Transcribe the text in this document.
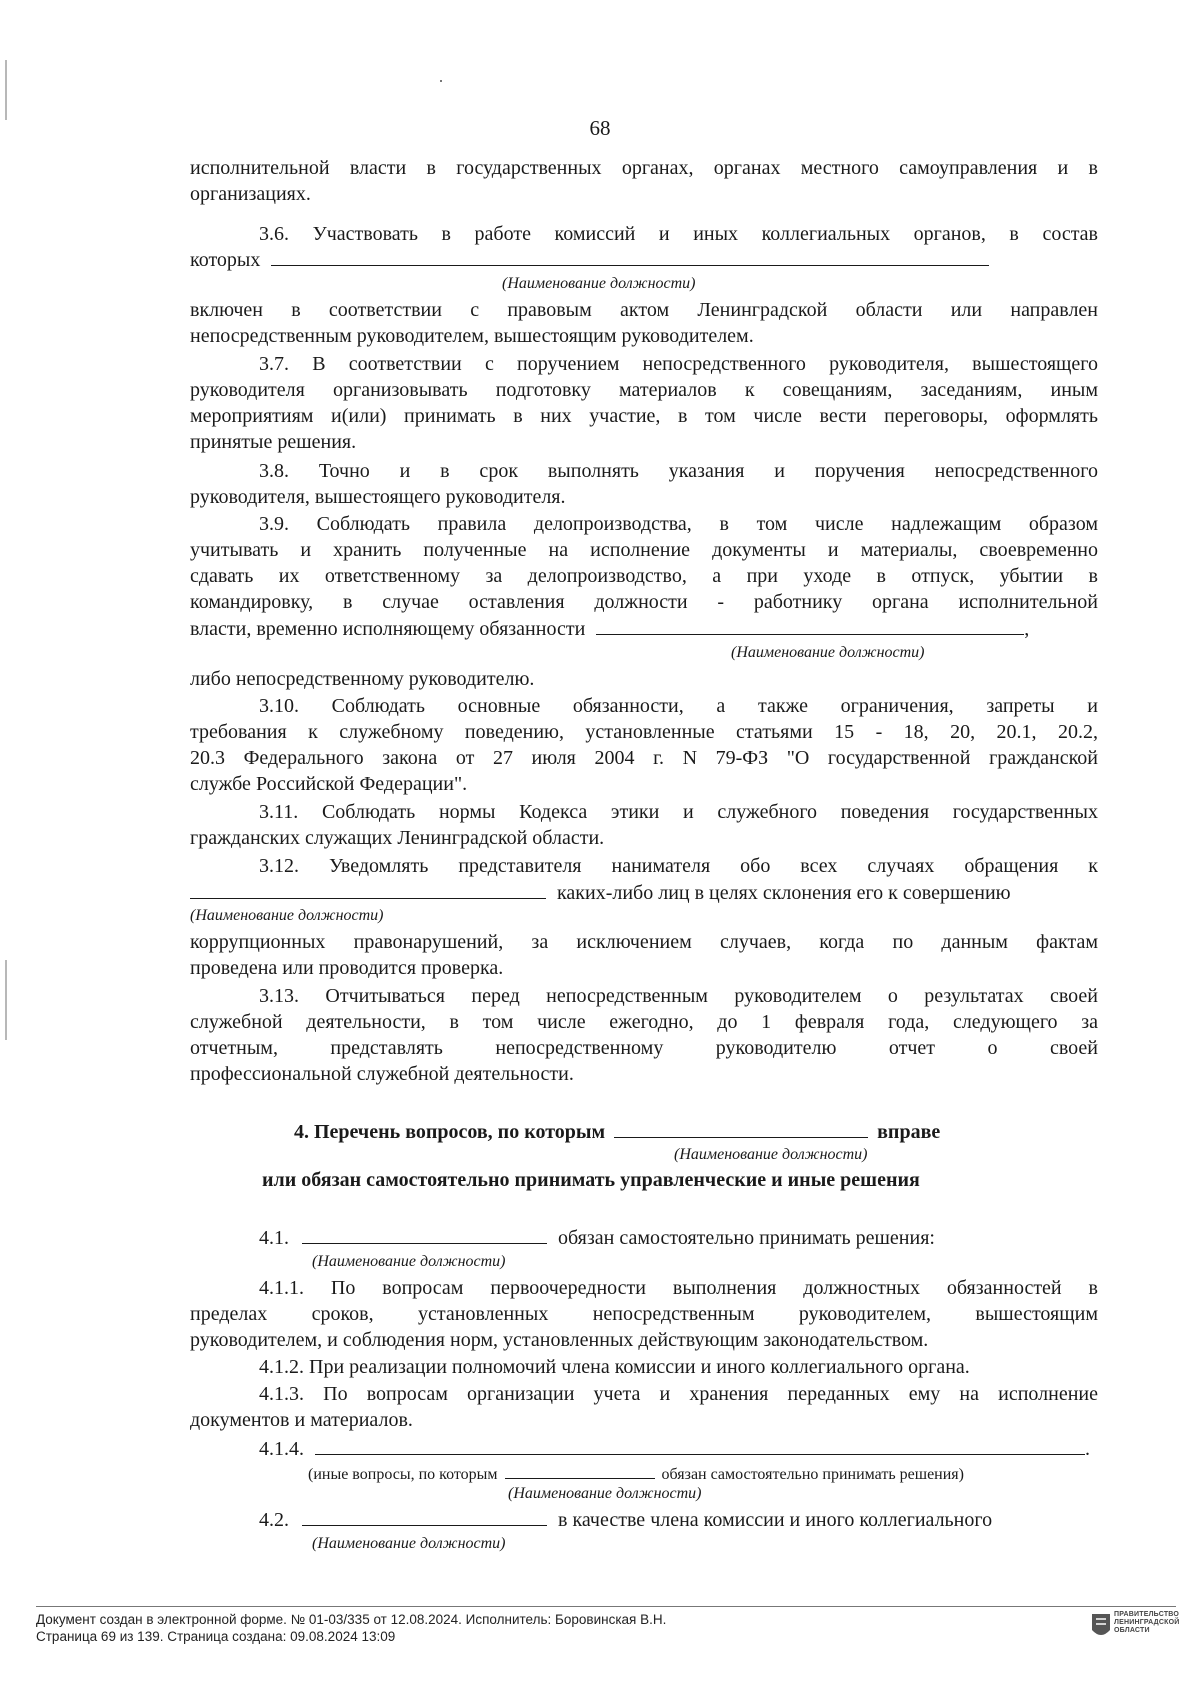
68
исполнительной власти в государственных органах, органах местного самоуправления и в
организациях.
3.6. Участвовать в работе комиссий и иных коллегиальных органов, в состав
которых
(Наименование должности)
включен в соответствии с правовым актом Ленинградской области или направлен
непосредственным руководителем, вышестоящим руководителем.
3.7. В соответствии с поручением непосредственного руководителя, вышестоящего
руководителя организовывать подготовку материалов к совещаниям, заседаниям, иным
мероприятиям и(или) принимать в них участие, в том числе вести переговоры, оформлять
принятые решения.
3.8. Точно и в срок выполнять указания и поручения непосредственного
руководителя, вышестоящего руководителя.
3.9. Соблюдать правила делопроизводства, в том числе надлежащим образом
учитывать и хранить полученные на исполнение документы и материалы, своевременно
сдавать их ответственному за делопроизводство, а при уходе в отпуск, убытии в
командировку, в случае оставления должности - работнику органа исполнительной
власти, временно исполняющему обязанности	,
(Наименование должности)
либо непосредственному руководителю.
3.10. Соблюдать основные обязанности, а также ограничения, запреты и
требования к служебному поведению, установленные статьями 15 - 18, 20, 20.1, 20.2,
20.3 Федерального закона от 27 июля 2004 г. N 79-ФЗ "О государственной гражданской
службе Российской Федерации".
3.11. Соблюдать нормы Кодекса этики и служебного поведения государственных
гражданских служащих Ленинградской области.
3.12. Уведомлять представителя нанимателя обо всех случаях обращения к
каких-либо лиц в целях склонения его к совершению
(Наименование должности)
коррупционных правонарушений, за исключением случаев, когда по данным фактам
проведена или проводится проверка.
3.13. Отчитываться перед непосредственным руководителем о результатах своей
служебной деятельности, в том числе ежегодно, до 1 февраля года, следующего за
отчетным, представлять непосредственному руководителю отчет о своей
профессиональной служебной деятельности.
4. Перечень вопросов, по которым	вправе
(Наименование должности)
или обязан самостоятельно принимать управленческие и иные решения
4.1.	обязан самостоятельно принимать решения:
(Наименование должности)
4.1.1. По вопросам первоочередности выполнения должностных обязанностей в
пределах сроков, установленных непосредственным руководителем, вышестоящим
руководителем, и соблюдения норм, установленных действующим законодательством.
4.1.2. При реализации полномочий члена комиссии и иного коллегиального органа.
4.1.3. По вопросам организации учета и хранения переданных ему на исполнение
документов и материалов.
4.1.4.	.
(иные вопросы, по которым	обязан самостоятельно принимать решения)
(Наименование должности)
4.2.	в качестве члена комиссии и иного коллегиального
(Наименование должности)
Документ создан в электронной форме. № 01-03/335 от 12.08.2024. Исполнитель: Боровинская В.Н.
Страница 69 из 139. Страница создана: 09.08.2024 13:09
ПРАВИТЕЛЬСТВО
ЛЕНИНГРАДСКОЙ
ОБЛАСТИ
